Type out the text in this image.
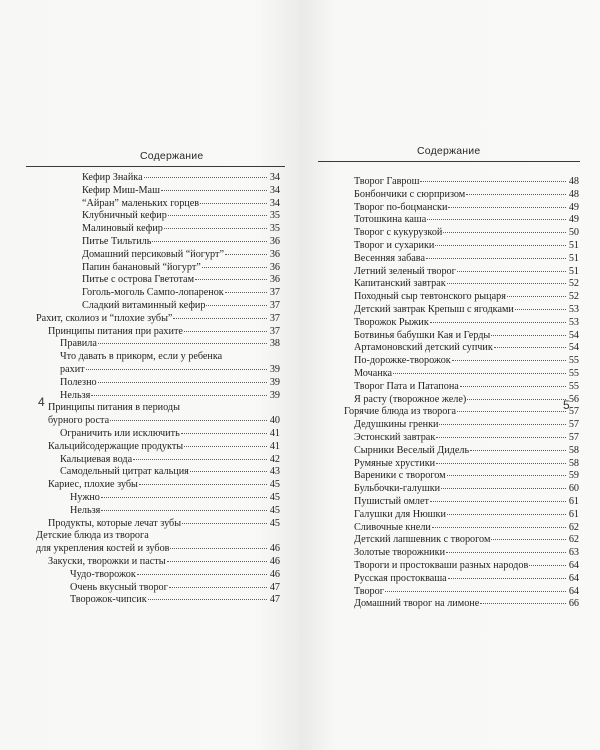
Содержание
Кефир Знайка	34
Кефир Миш-Маш	34
“Айран” маленьких горцев	34
Клубничный кефир	35
Малиновый кефир	35
Питье Тильтиль	36
Домашний персиковый “йогурт”	36
Папин банановый “йогурт”	36
Питье с острова Гветотам	36
Гоголь-моголь Сампо-лопаренок	37
Сладкий витаминный кефир	37
Рахит, сколиоз и “плохие зубы”	37
Принципы питания при рахите	37
Правила	38
Что давать в прикорм, если у ребенка
рахит	39
Полезно	39
Нельзя	39
Принципы питания в периоды
бурного роста	40
Ограничить или исключить	41
Кальцийсодержащие продукты	41
Кальциевая вода	42
Самодельный цитрат кальция	43
Кариес, плохие зубы	45
Нужно	45
Нельзя	45
Продукты, которые лечат зубы	45
Детские блюда из творога
для укрепления костей и зубов	46
Закуски, творожки и пасты	46
Чудо-творожок	46
Очень вкусный творог	47
Творожок-чипсик	47
4
Содержание
Творог Гаврош	48
Бонбончики с сюрпризом	48
Творог по-боцмански	49
Тотошкина каша	49
Творог с кукурузкой	50
Творог и сухарики	51
Весенняя забава	51
Летний зеленый творог	51
Капитанский завтрак	52
Походный сыр тевтонского рыцаря	52
Детский завтрак Крепыш с ягодками	53
Творожок Рыжик	53
Ботвинья бабушки Кая и Герды	54
Артамоновский детский супчик	54
По-дорожке-творожок	55
Мочанка	55
Творог Пата и Патапона	55
Я расту (творожное желе)	56
Горячие блюда из творога	57
Дедушкины гренки	57
Эстонский завтрак	57
Сырники Веселый Дидель	58
Румяные хрустики	58
Вареники с творогом	59
Бульбочки-галушки	60
Пушистый омлет	61
Галушки для Нюшки	61
Сливочные кнели	62
Детский лапшевник с творогом	62
Золотые творожники	63
Твороги и простокваши разных народов	64
Русская простокваша	64
Творог	64
Домашний творог на лимоне	66
5
